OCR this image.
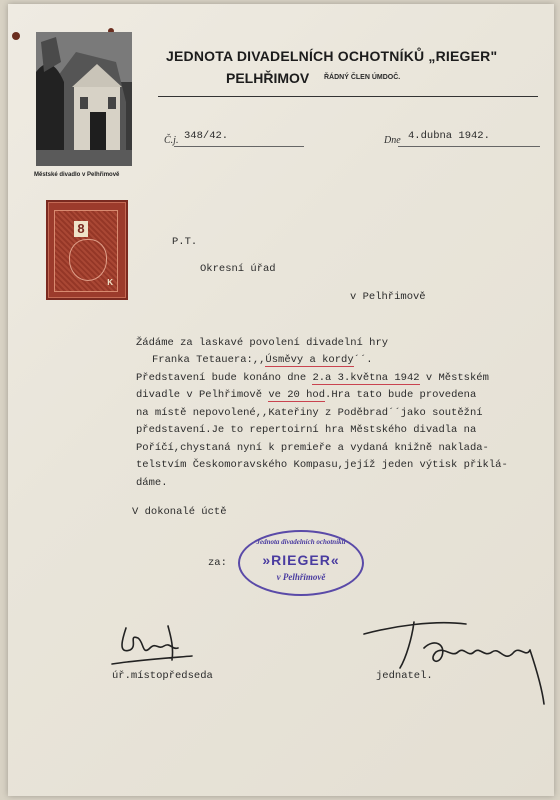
Městské divadlo v Pelhřimově
JEDNOTA DIVADELNÍCH OCHOTNÍKŮ „RIEGER"
PELHŘIMOV ŘÁDNÝ ČLEN ÚMDOČ.
Č.j. 348/42.	Dne 4.dubna 1942.
8
K
P.T.
Okresní úřad
v Pelhřimově
Žádáme za laskavé povolení divadelní hry
Franka Tetauera:,,Úsměvy a kordy´´.
Představení bude konáno dne 2.a 3.května 1942 v Městském
divadle v Pelhřimově ve 20 hod.Hra tato bude provedena
na místě nepovolené,,Kateřiny z Poděbrad´´jako soutěžní
představení.Je to repertoirní hra Městského divadla na
Poříčí,chystaná nyní k premieře a vydaná knižně naklada-
telstvím Českomoravského Kompasu,jejíž jeden výtisk přiklá-
dáme.
V dokonalé úctě
za:
Jednota divadelních ochotníků
»RIEGER«
v Pelhřimově
úř.místopředseda	jednatel.
